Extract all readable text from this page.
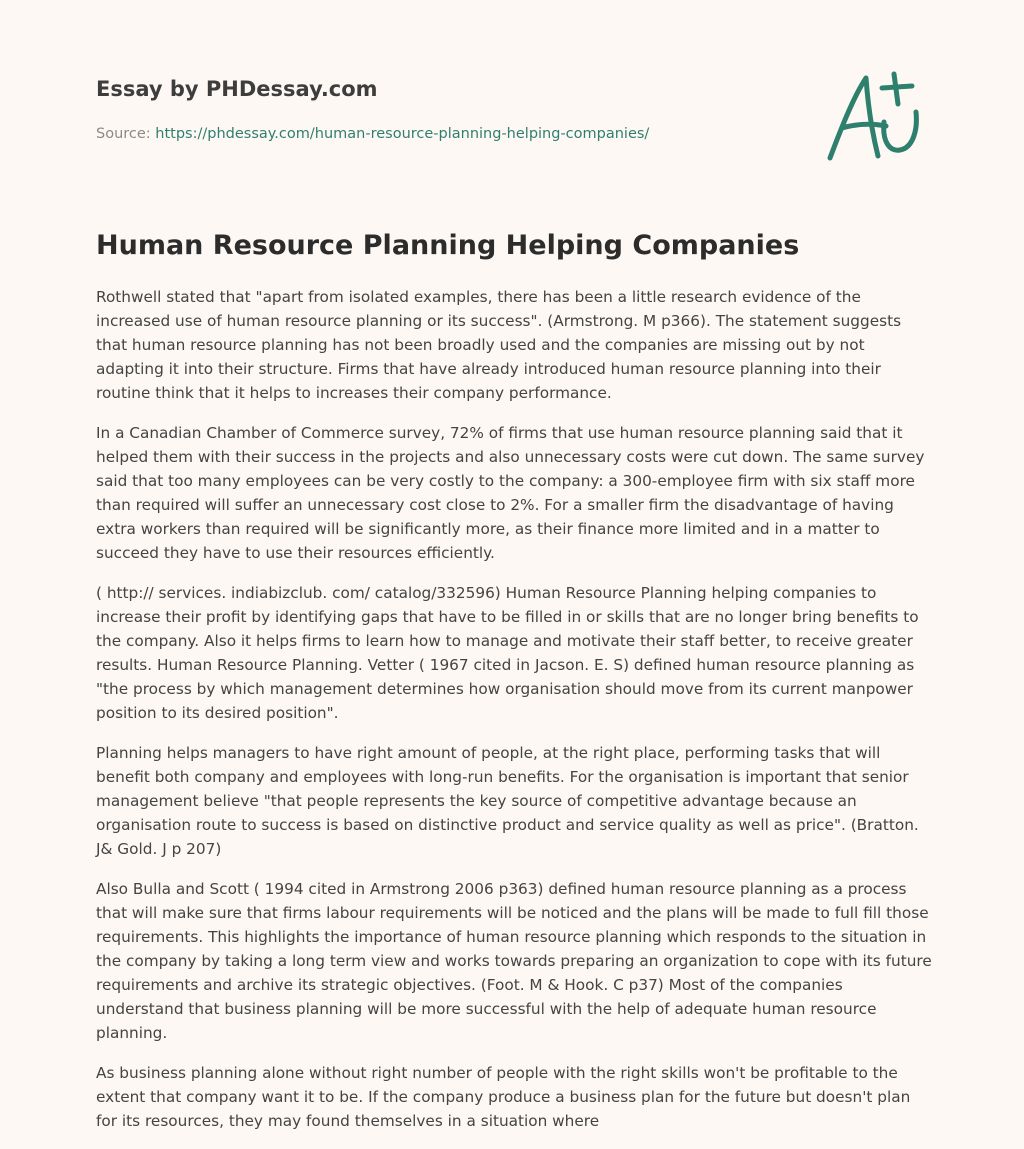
Essay by PHDessay.com
Source: https://phdessay.com/human-resource-planning-helping-companies/
Human Resource Planning Helping Companies

Rothwell stated that "apart from isolated examples, there has been a little research evidence of the increased use of human resource planning or its success". (Armstrong. M p366). The statement suggests that human resource planning has not been broadly used and the companies are missing out by not adapting it into their structure. Firms that have already introduced human resource planning into their routine think that it helps to increases their company performance.

In a Canadian Chamber of Commerce survey, 72% of firms that use human resource planning said that it helped them with their success in the projects and also unnecessary costs were cut down. The same survey said that too many employees can be very costly to the company: a 300-employee firm with six staff more than required will suffer an unnecessary cost close to 2%. For a smaller firm the disadvantage of having extra workers than required will be significantly more, as their finance more limited and in a matter to succeed they have to use their resources efficiently.

( http:// services. indiabizclub. com/ catalog/332596) Human Resource Planning helping companies to increase their profit by identifying gaps that have to be filled in or skills that are no longer bring benefits to the company. Also it helps firms to learn how to manage and motivate their staff better, to receive greater results. Human Resource Planning. Vetter ( 1967 cited in Jacson. E. S) defined human resource planning as "the process by which management determines how organisation should move from its current manpower position to its desired position".

Planning helps managers to have right amount of people, at the right place, performing tasks that will benefit both company and employees with long-run benefits. For the organisation is important that senior management believe "that people represents the key source of competitive advantage because an organisation route to success is based on distinctive product and service quality as well as price". (Bratton. J& Gold. J p 207)

Also Bulla and Scott ( 1994 cited in Armstrong 2006 p363) defined human resource planning as a process that will make sure that firms labour requirements will be noticed and the plans will be made to full fill those requirements. This highlights the importance of human resource planning which responds to the situation in the company by taking a long term view and works towards preparing an organization to cope with its future requirements and archive its strategic objectives. (Foot. M & Hook. C p37) Most of the companies understand that business planning will be more successful with the help of adequate human resource planning.

As business planning alone without right number of people with the right skills won't be profitable to the extent that company want it to be. If the company produce a business plan for the future but doesn't plan for its resources, they may found themselves in a situation where
